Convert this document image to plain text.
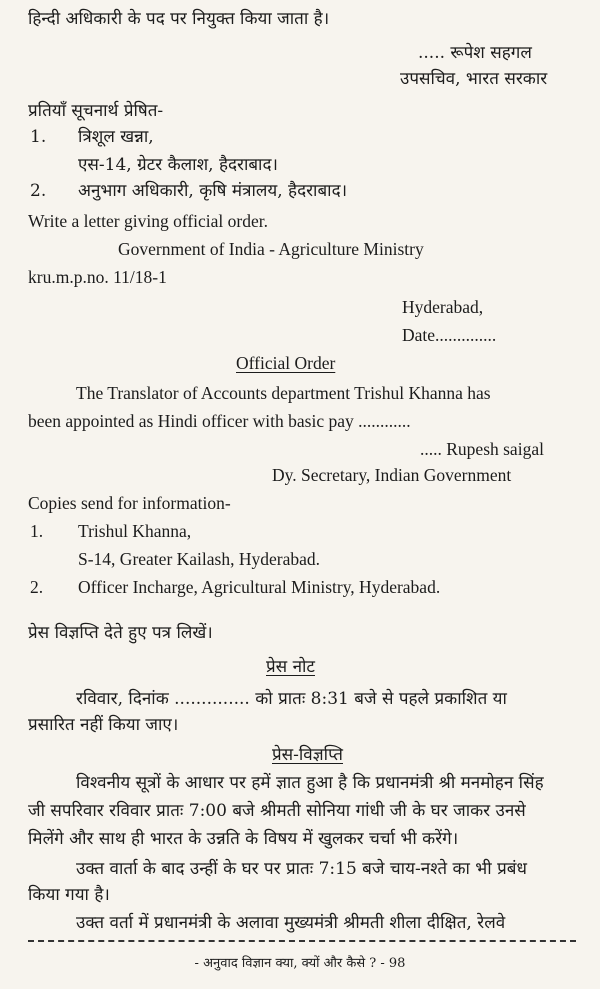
हिन्दी अधिकारी के पद पर नियुक्त किया जाता है।
..... रूपेश सहगल
उपसचिव, भारत सरकार
प्रतियाँ सूचनार्थ प्रेषित-
1. त्रिशूल खन्ना,
एस-14, ग्रेटर कैलाश, हैदराबाद।
2. अनुभाग अधिकारी, कृषि मंत्रालय, हैदराबाद।
Write a letter giving official order.
Government of India - Agriculture Ministry
kru.m.p.no. 11/18-1
Hyderabad,
Date..............
Official Order
The Translator of Accounts department Trishul Khanna has
been appointed as Hindi officer with basic pay ............
..... Rupesh saigal
Dy. Secretary, Indian Government
Copies send for information-
1. Trishul Khanna,
S-14, Greater Kailash, Hyderabad.
2. Officer Incharge, Agricultural Ministry, Hyderabad.
प्रेस विज्ञप्ति देते हुए पत्र लिखें।
प्रेस नोट
रविवार, दिनांक .............. को प्रातः 8:31 बजे से पहले प्रकाशित या
प्रसारित नहीं किया जाए।
प्रेस-विज्ञप्ति
विश्वनीय सूत्रों के आधार पर हमें ज्ञात हुआ है कि प्रधानमंत्री श्री मनमोहन सिंह
जी सपरिवार रविवार प्रातः 7:00 बजे श्रीमती सोनिया गांधी जी के घर जाकर उनसे
मिलेंगे और साथ ही भारत के उन्नति के विषय में खुलकर चर्चा भी करेंगे।
उक्त वार्ता के बाद उन्हीं के घर पर प्रातः 7:15 बजे चाय-नश्ते का भी प्रबंध
किया गया है।
उक्त वर्ता में प्रधानमंत्री के अलावा मुख्यमंत्री श्रीमती शीला दीक्षित, रेलवे
- अनुवाद विज्ञान क्या, क्यों और कैसे ? - 98
